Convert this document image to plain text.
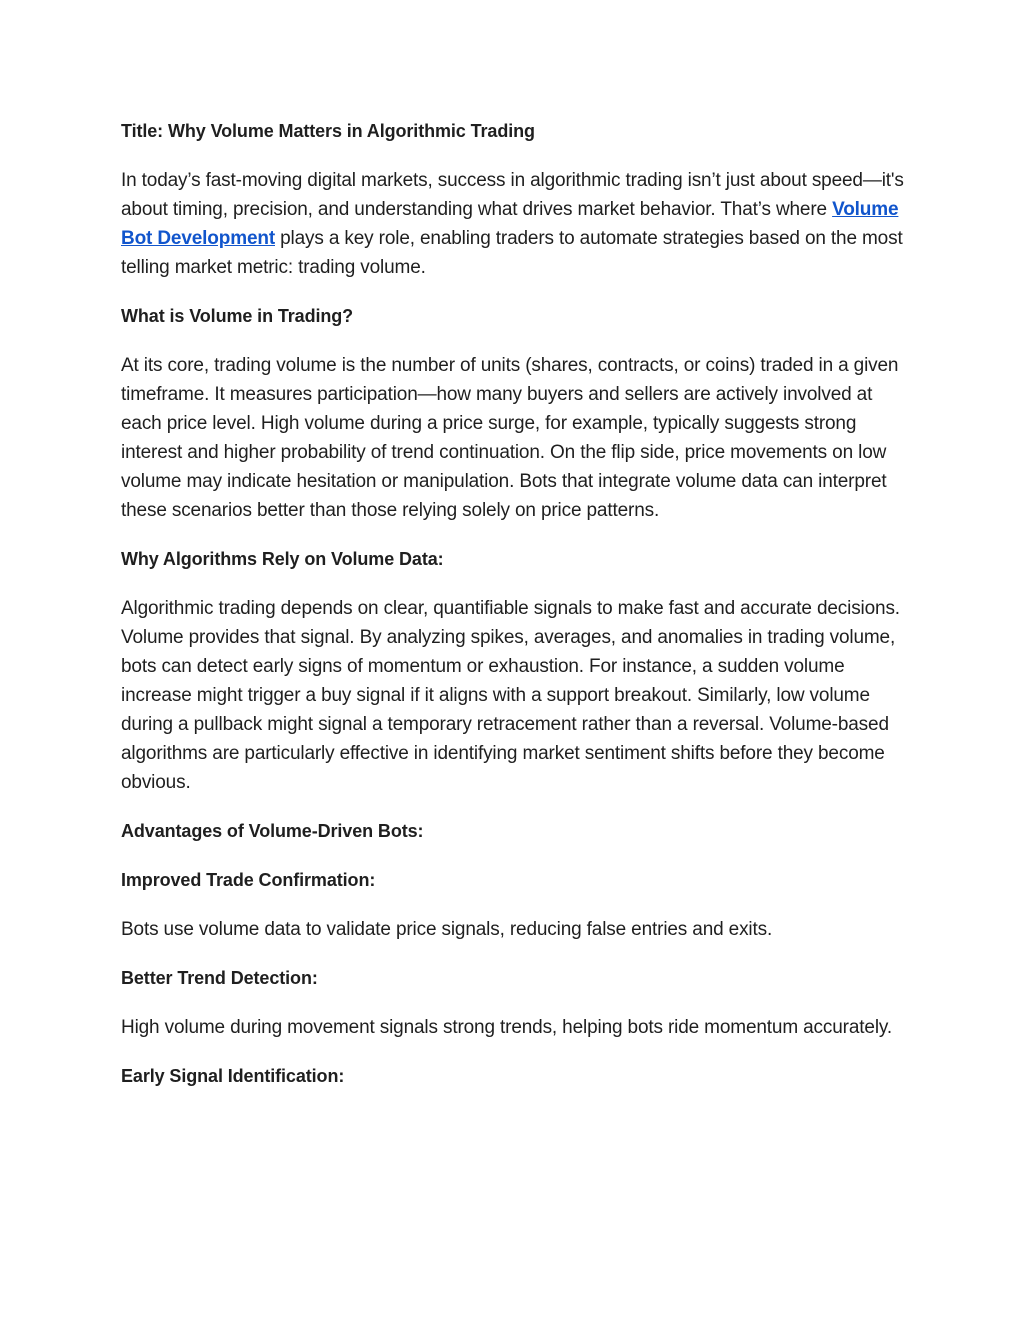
Title: Why Volume Matters in Algorithmic Trading

In today’s fast-moving digital markets, success in algorithmic trading isn’t just about speed—it's about timing, precision, and understanding what drives market behavior. That’s where Volume Bot Development plays a key role, enabling traders to automate strategies based on the most telling market metric: trading volume.

What is Volume in Trading?

At its core, trading volume is the number of units (shares, contracts, or coins) traded in a given timeframe. It measures participation—how many buyers and sellers are actively involved at each price level. High volume during a price surge, for example, typically suggests strong interest and higher probability of trend continuation. On the flip side, price movements on low volume may indicate hesitation or manipulation. Bots that integrate volume data can interpret these scenarios better than those relying solely on price patterns.

Why Algorithms Rely on Volume Data:

Algorithmic trading depends on clear, quantifiable signals to make fast and accurate decisions. Volume provides that signal. By analyzing spikes, averages, and anomalies in trading volume, bots can detect early signs of momentum or exhaustion. For instance, a sudden volume increase might trigger a buy signal if it aligns with a support breakout. Similarly, low volume during a pullback might signal a temporary retracement rather than a reversal. Volume-based algorithms are particularly effective in identifying market sentiment shifts before they become obvious.

Advantages of Volume-Driven Bots:

Improved Trade Confirmation:

Bots use volume data to validate price signals, reducing false entries and exits.

Better Trend Detection:

High volume during movement signals strong trends, helping bots ride momentum accurately.

Early Signal Identification:
